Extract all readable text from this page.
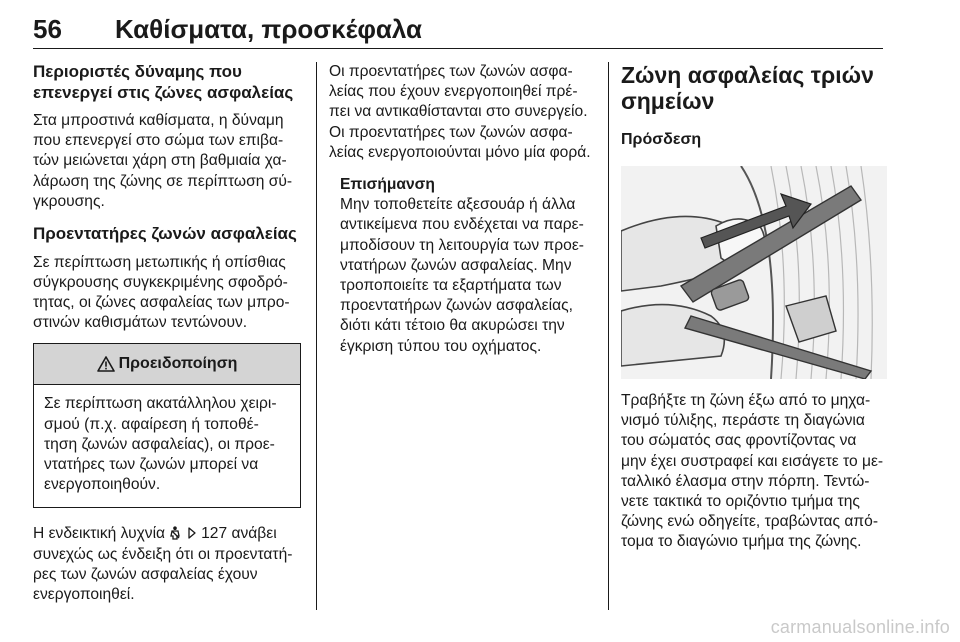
56 Καθίσματα, προσκέφαλα
Περιοριστές δύναμης που
επενεργεί στις ζώνες ασφαλείας
Στα μπροστινά καθίσματα, η δύναμη
που επενεργεί στο σώμα των επιβα‐
τών μειώνεται χάρη στη βαθμιαία χα‐
λάρωση της ζώνης σε περίπτωση σύ‐
γκρουσης.
Προεντατήρες ζωνών ασφαλείας
Σε περίπτωση μετωπικής ή οπίσθιας
σύγκρουσης συγκεκριμένης σφοδρό‐
τητας, οι ζώνες ασφαλείας των μπρο‐
στινών καθισμάτων τεντώνουν.
Προειδοποίηση
Σε περίπτωση ακατάλληλου χειρι‐
σμού (π.χ. αφαίρεση ή τοποθέ‐
τηση ζωνών ασφαλείας), οι προε‐
ντατήρες των ζωνών μπορεί να
ενεργοποιηθούν.
Η ενδεικτική λυχνία 127 ανάβει
συνεχώς ως ένδειξη ότι οι προεντατή‐
ρες των ζωνών ασφαλείας έχουν
ενεργοποιηθεί.
Οι προεντατήρες των ζωνών ασφα‐
λείας που έχουν ενεργοποιηθεί πρέ‐
πει να αντικαθίστανται στο συνεργείο.
Οι προεντατήρες των ζωνών ασφα‐
λείας ενεργοποιούνται μόνο μία φορά.
Επισήμανση
Μην τοποθετείτε αξεσουάρ ή άλλα
αντικείμενα που ενδέχεται να παρε‐
μποδίσουν τη λειτουργία των προε‐
ντατήρων ζωνών ασφαλείας. Μην
τροποποιείτε τα εξαρτήματα των
προεντατήρων ζωνών ασφαλείας,
διότι κάτι τέτοιο θα ακυρώσει την
έγκριση τύπου του οχήματος.
Ζώνη ασφαλείας τριών
σημείων
Πρόσδεση
Τραβήξτε τη ζώνη έξω από το μηχα‐
νισμό τύλιξης, περάστε τη διαγώνια
του σώματός σας φροντίζοντας να
μην έχει συστραφεί και εισάγετε το με‐
ταλλικό έλασμα στην πόρπη. Τεντώ‐
νετε τακτικά το οριζόντιο τμήμα της
ζώνης ενώ οδηγείτε, τραβώντας από‐
τομα το διαγώνιο τμήμα της ζώνης.
carmanualsonline.info
